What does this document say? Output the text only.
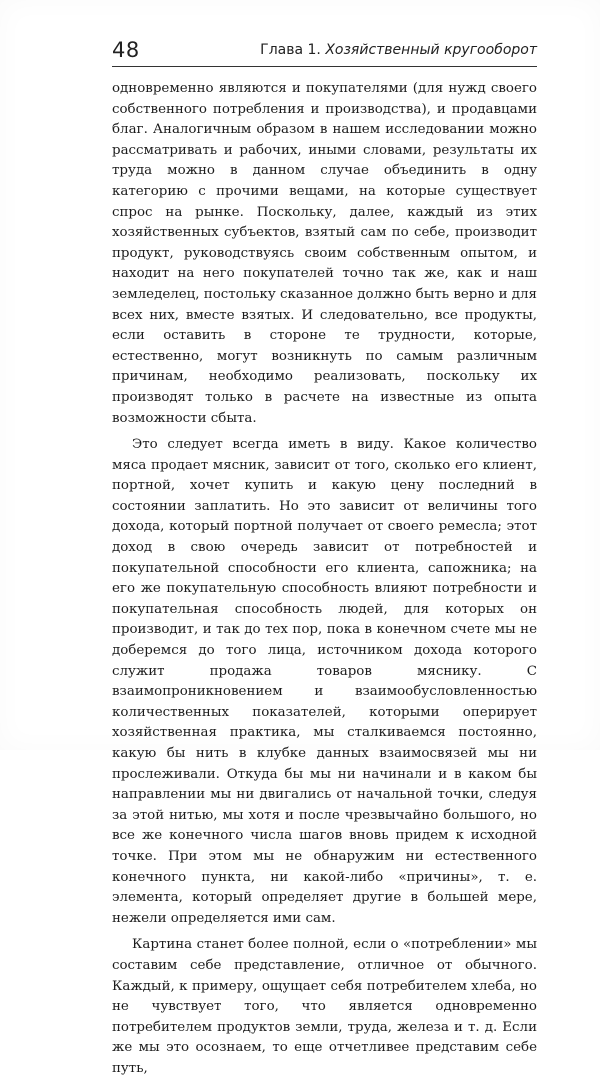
48	Глава 1. Хозяйственный кругооборот

одновременно являются и покупателями (для нужд своего собственного потребления и производства), и продавцами благ. Аналогичным образом в нашем исследовании можно рассматривать и рабочих, иными словами, результаты их труда можно в данном случае объединить в одну категорию с прочими вещами, на которые существует спрос на рынке. Поскольку, далее, каждый из этих хозяйственных субъектов, взятый сам по себе, производит продукт, руководствуясь своим собственным опытом, и находит на него покупателей точно так же, как и наш земледелец, постольку сказанное должно быть верно и для всех них, вместе взятых. И следовательно, все продукты, если оставить в стороне те трудности, которые, естественно, могут возникнуть по самым различным причинам, необходимо реализовать, поскольку их производят только в расчете на известные из опыта возможности сбыта.

Это следует всегда иметь в виду. Какое количество мяса продает мясник, зависит от того, сколько его клиент, портной, хочет купить и какую цену последний в состоянии заплатить. Но это зависит от величины того дохода, который портной получает от своего ремесла; этот доход в свою очередь зависит от потребностей и покупательной способности его клиента, сапожника; на его же покупательную способность влияют потребности и покупательная способность людей, для которых он производит, и так до тех пор, пока в конечном счете мы не доберемся до того лица, источником дохода которого служит продажа товаров мяснику. С взаимопроникновением и взаимообусловленностью количественных показателей, которыми оперирует хозяйственная практика, мы сталкиваемся постоянно, какую бы нить в клубке данных взаимосвязей мы ни прослеживали. Откуда бы мы ни начинали и в каком бы направлении мы ни двигались от начальной точки, следуя за этой нитью, мы хотя и после чрезвычайно большого, но все же конечного числа шагов вновь придем к исходной точке. При этом мы не обнаружим ни естественного конечного пункта, ни какой-либо «причины», т. е. элемента, который определяет другие в большей мере, нежели определяется ими сам.

Картина станет более полной, если о «потреблении» мы составим себе представление, отличное от обычного. Каждый, к примеру, ощущает себя потребителем хлеба, но не чувствует того, что является одновременно потребителем продуктов земли, труда, железа и т. д. Если же мы это осознаем, то еще отчетливее представим себе путь,
